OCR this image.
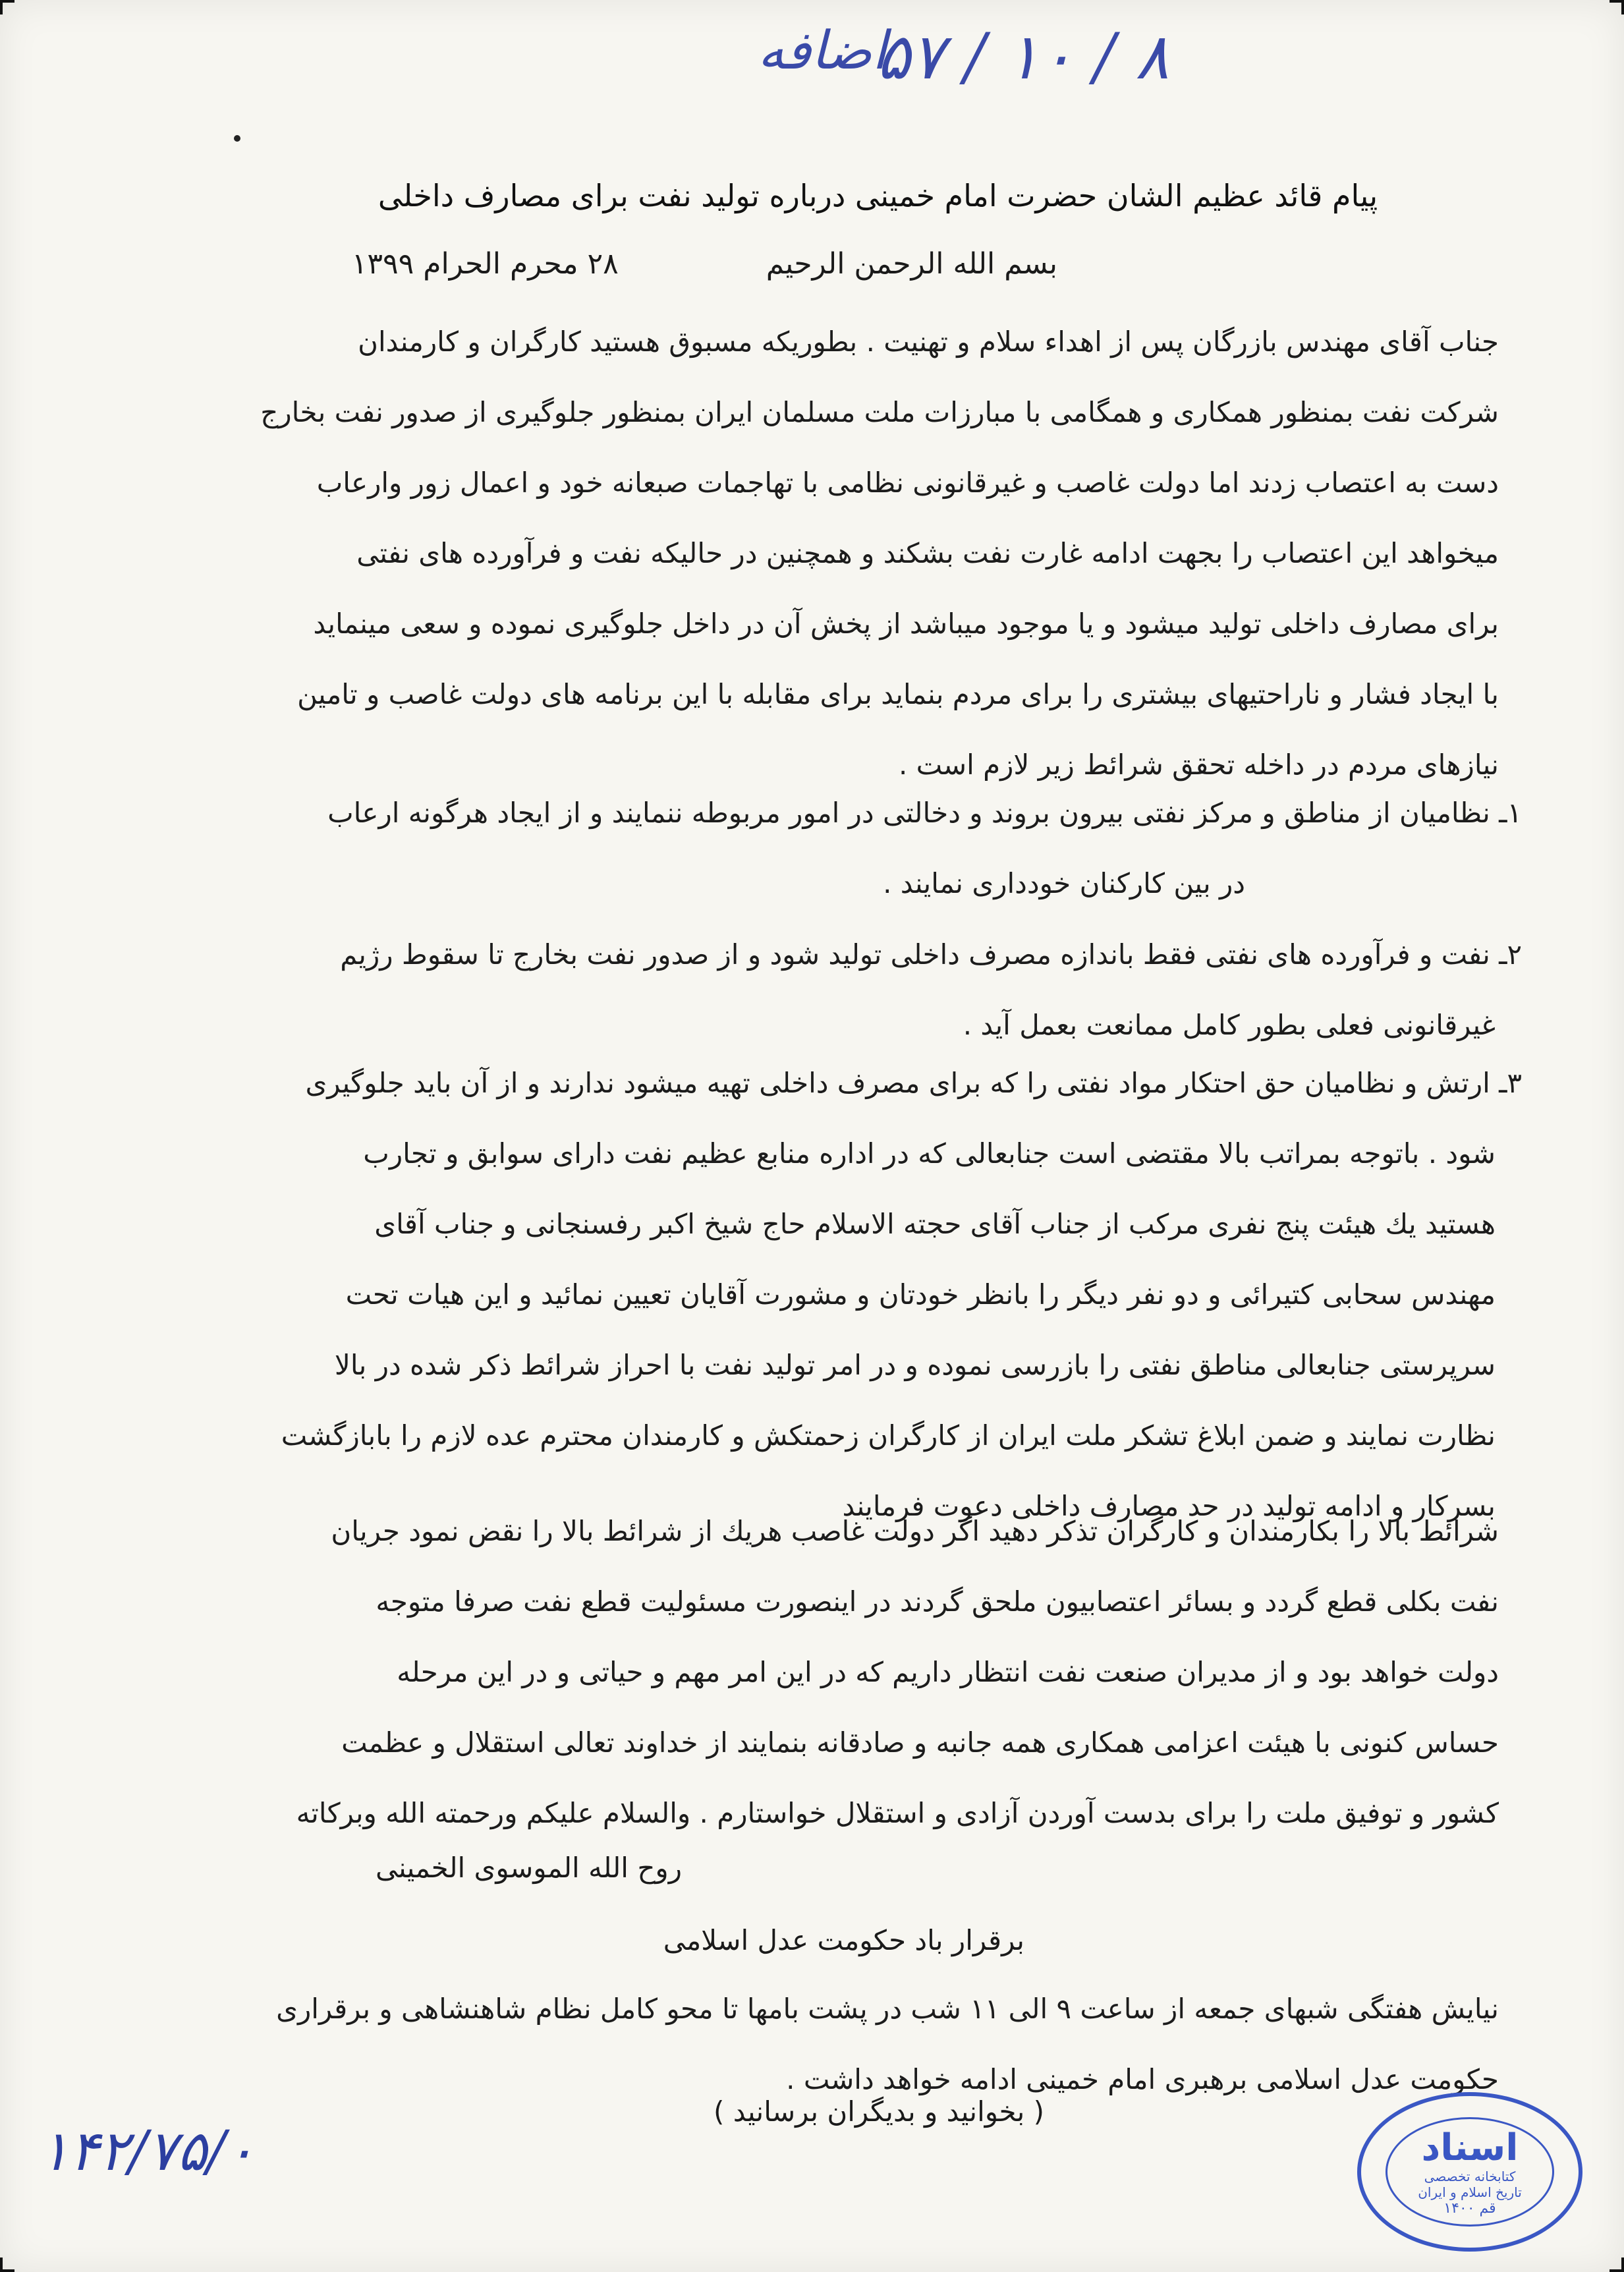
۸ / ۱۰ / ۵۷
اضافه
پیام قائد عظیم الشان حضرت امام خمینی درباره تولید نفت برای مصارف داخلی
بسم الله الرحمن الرحیم ۲۸ محرم الحرام ۱۳۹۹
جناب آقای مهندس بازرگان پس از اهداء سلام و تهنیت . بطوریکه مسبوق هستید کارگران و کارمندان
شرکت نفت بمنظور همکاری و همگامی با مبارزات ملت مسلمان ایران بمنظور جلوگیری از صدور نفت بخارج
دست به اعتصاب زدند اما دولت غاصب و غیرقانونی نظامی با تهاجمات صبعانه خود و اعمال زور وارعاب
میخواهد این اعتصاب را بجهت ادامه غارت نفت بشکند و همچنین در حالیکه نفت و فرآورده های نفتی
برای مصارف داخلی تولید میشود و یا موجود میباشد از پخش آن در داخل جلوگیری نموده و سعی مینماید
با ایجاد فشار و ناراحتیهای بیشتری را برای مردم بنماید برای مقابله با این برنامه های دولت غاصب و تامین
نیازهای مردم در داخله تحقق شرائط زیر لازم است .
۱ـ نظامیان از مناطق و مرکز نفتی بیرون بروند و دخالتی در امور مربوطه ننمایند و از ایجاد هرگونه ارعاب
در بین کارکنان خودداری نمایند .
۲ـ نفت و فرآورده های نفتی فقط باندازه مصرف داخلی تولید شود و از صدور نفت بخارج تا سقوط رژیم
غیرقانونی فعلی بطور کامل ممانعت بعمل آید .
۳ـ ارتش و نظامیان حق احتکار مواد نفتی را که برای مصرف داخلی تهیه میشود ندارند و از آن باید جلوگیری
شود . باتوجه بمراتب بالا مقتضی است جنابعالی که در اداره منابع عظیم نفت دارای سوابق و تجارب
هستید یك هیئت پنج نفری مرکب از جناب آقای حجته الاسلام حاج شیخ اکبر رفسنجانی و جناب آقای
مهندس سحابی کتیرائی و دو نفر دیگر را بانظر خودتان و مشورت آقایان تعیین نمائید و این هیات تحت
سرپرستی جنابعالی مناطق نفتی را بازرسی نموده و در امر تولید نفت با احراز شرائط ذکر شده در بالا
نظارت نمایند و ضمن ابلاغ تشکر ملت ایران از کارگران زحمتکش و کارمندان محترم عده لازم را بابازگشت
بسرکار و ادامه تولید در حد مصارف داخلی دعوت فرمایند
شرائط بالا را بکارمندان و کارگران تذکر دهید اگر دولت غاصب هریك از شرائط بالا را نقض نمود جریان
نفت بکلی قطع گردد و بسائر اعتصابیون ملحق گردند در اینصورت مسئولیت قطع نفت صرفا متوجه
دولت خواهد بود و از مدیران صنعت نفت انتظار داریم که در این امر مهم و حیاتی و در این مرحله
حساس کنونی با هیئت اعزامی همکاری همه جانبه و صادقانه بنمایند از خداوند تعالی استقلال و عظمت
کشور و توفیق ملت را برای بدست آوردن آزادی و استقلال خواستارم . والسلام علیکم ورحمته الله وبرکاته
روح الله الموسوی الخمینی
برقرار باد حکومت عدل اسلامی
نیایش هفتگی شبهای جمعه از ساعت ۹ الی ۱۱ شب در پشت بامها تا محو کامل نظام شاهنشاهی و برقراری
حکومت عدل اسلامی برهبری امام خمینی ادامه خواهد داشت .
( بخوانید و بدیگران برسانید )
۱۴۲/۷۵/۰	اسناد
کتابخانه تخصصی
تاریخ اسلام و ایران
قم ۱۴۰۰
